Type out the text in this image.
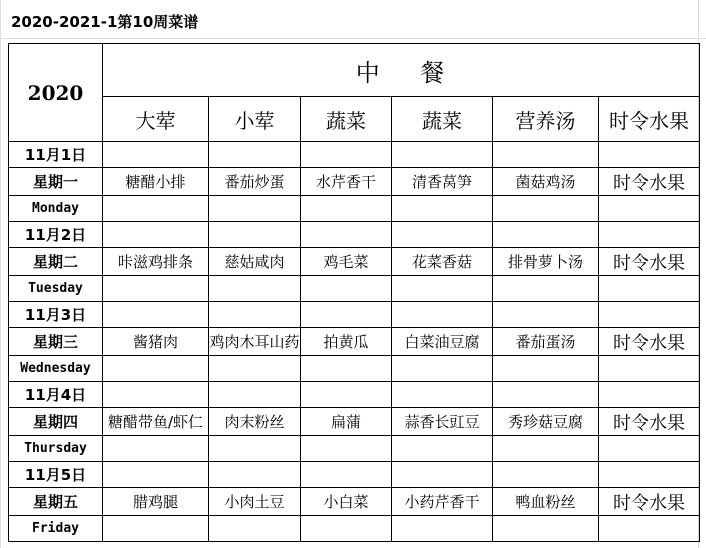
2020-2021-1第10周菜谱
2020	中    餐					
	大荤	小荤	蔬菜	蔬菜	营养汤	时令水果
11月1日						
星期一	糖醋小排	番茄炒蛋	水芹香干	清香莴笋	菌菇鸡汤	时令水果
Monday						
11月2日						
星期二	咔滋鸡排条	慈姑咸肉	鸡毛菜	花菜香菇	排骨萝卜汤	时令水果
Tuesday						
11月3日						
星期三	酱猪肉	鸡肉木耳山药	拍黄瓜	白菜油豆腐	番茄蛋汤	时令水果
Wednesday						
11月4日						
星期四	糖醋带鱼/虾仁	肉末粉丝	扁蒲	蒜香长豇豆	秀珍菇豆腐	时令水果
Thursday						
11月5日						
星期五	腊鸡腿	小肉土豆	小白菜	小药芹香干	鸭血粉丝	时令水果
Friday						
